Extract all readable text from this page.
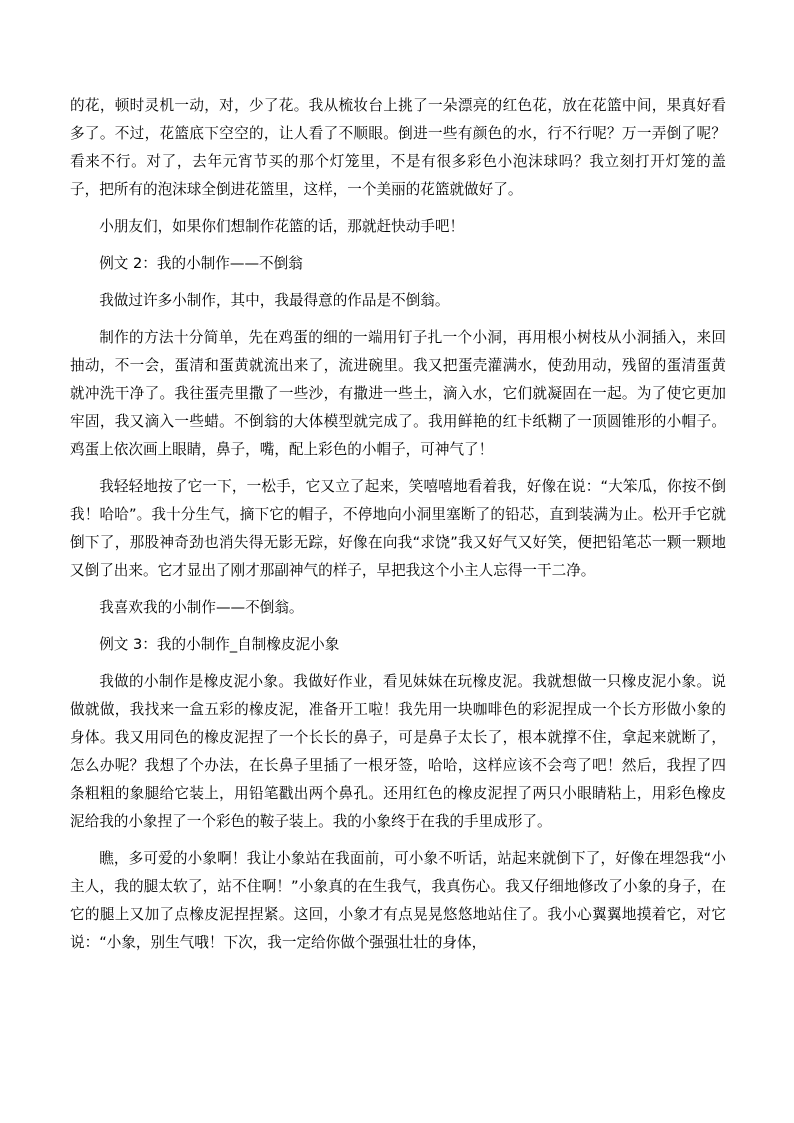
的花，顿时灵机一动，对，少了花。我从梳妆台上挑了一朵漂亮的红色花，放在花篮中间，果真好看多了。不过，花篮底下空空的，让人看了不顺眼。倒进一些有颜色的水，行不行呢？万一弄倒了呢？看来不行。对了，去年元宵节买的那个灯笼里，不是有很多彩色小泡沫球吗？我立刻打开灯笼的盖子，把所有的泡沫球全倒进花篮里，这样，一个美丽的花篮就做好了。

小朋友们，如果你们想制作花篮的话，那就赶快动手吧！

例文 2：我的小制作——不倒翁

我做过许多小制作，其中，我最得意的作品是不倒翁。

制作的方法十分简单，先在鸡蛋的细的一端用钉子扎一个小洞，再用根小树枝从小洞插入，来回抽动，不一会，蛋清和蛋黄就流出来了，流进碗里。我又把蛋壳灌满水，使劲用动，残留的蛋清蛋黄就冲洗干净了。我往蛋壳里撒了一些沙，有撒进一些土，滴入水，它们就凝固在一起。为了使它更加牢固，我又滴入一些蜡。不倒翁的大体模型就完成了。我用鲜艳的红卡纸糊了一顶圆锥形的小帽子。鸡蛋上依次画上眼睛，鼻子，嘴，配上彩色的小帽子，可神气了！

我轻轻地按了它一下，一松手，它又立了起来，笑嘻嘻地看着我，好像在说：“大笨瓜，你按不倒我！哈哈”。我十分生气，摘下它的帽子，不停地向小洞里塞断了的铅芯，直到装满为止。松开手它就倒下了，那股神奇劲也消失得无影无踪，好像在向我“求饶”我又好气又好笑，便把铅笔芯一颗一颗地又倒了出来。它才显出了刚才那副神气的样子，早把我这个小主人忘得一干二净。

我喜欢我的小制作——不倒翁。

例文 3：我的小制作_自制橡皮泥小象

我做的小制作是橡皮泥小象。我做好作业，看见妹妹在玩橡皮泥。我就想做一只橡皮泥小象。说做就做，我找来一盒五彩的橡皮泥，准备开工啦！我先用一块咖啡色的彩泥捏成一个长方形做小象的身体。我又用同色的橡皮泥捏了一个长长的鼻子，可是鼻子太长了，根本就撑不住，拿起来就断了，怎么办呢？我想了个办法，在长鼻子里插了一根牙签，哈哈，这样应该不会弯了吧！然后，我捏了四条粗粗的象腿给它装上，用铅笔戳出两个鼻孔。还用红色的橡皮泥捏了两只小眼睛粘上，用彩色橡皮泥给我的小象捏了一个彩色的鞍子装上。我的小象终于在我的手里成形了。

瞧，多可爱的小象啊！我让小象站在我面前，可小象不听话，站起来就倒下了，好像在埋怨我“小主人，我的腿太软了，站不住啊！”小象真的在生我气，我真伤心。我又仔细地修改了小象的身子，在它的腿上又加了点橡皮泥捏捏紧。这回，小象才有点晃晃悠悠地站住了。我小心翼翼地摸着它，对它说：“小象，别生气哦！下次，我一定给你做个强强壮壮的身体，
